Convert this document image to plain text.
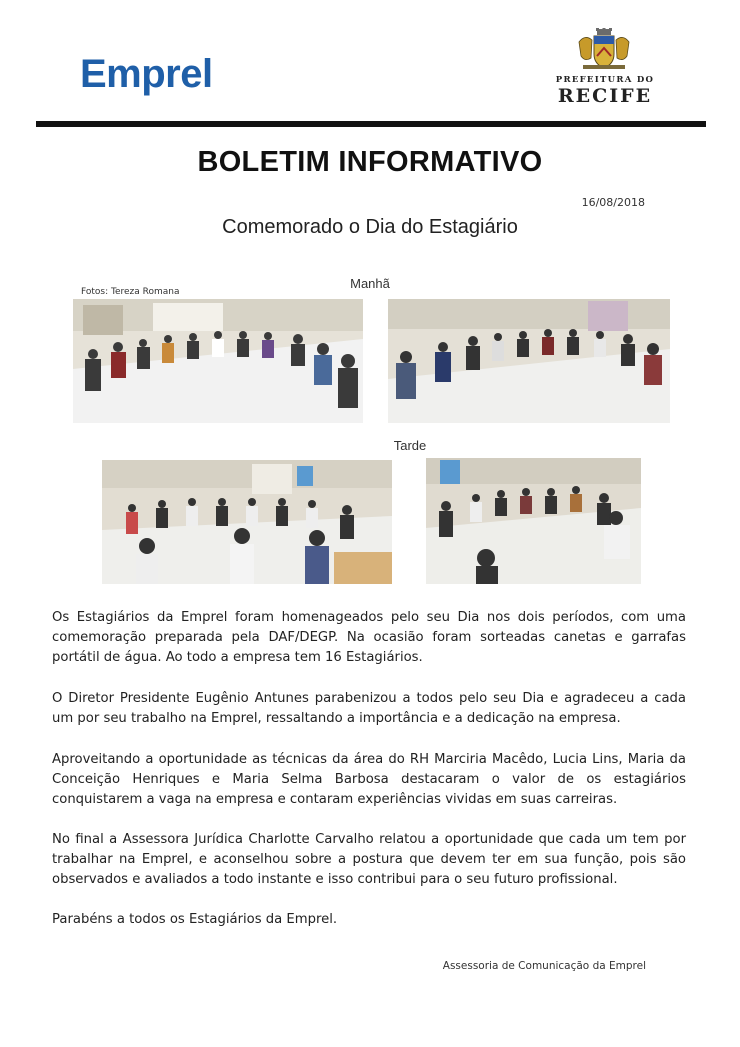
Emprel	PREFEITURA DO
RECIFE
BOLETIM INFORMATIVO
16/08/2018
Comemorado o Dia do Estagiário
Manhã
Fotos: Tereza Romana
Tarde
Os Estagiários da Emprel foram homenageados pelo seu Dia nos dois períodos, com uma comemoração preparada pela DAF/DEGP. Na ocasião foram sorteadas canetas e garrafas portátil de água. Ao todo a empresa tem 16 Estagiários.
O Diretor Presidente Eugênio Antunes parabenizou a todos pelo seu Dia e agradeceu a cada um por seu trabalho na Emprel, ressaltando a importância e a dedicação na empresa.
Aproveitando a oportunidade as técnicas da área do RH Marciria Macêdo, Lucia Lins, Maria da Conceição Henriques e Maria Selma Barbosa destacaram o valor de os estagiários conquistarem a vaga na empresa e contaram experiências vividas em suas carreiras.
No final a Assessora Jurídica Charlotte Carvalho relatou a oportunidade que cada um tem por trabalhar na Emprel, e aconselhou sobre a postura que devem ter em sua função, pois são observados e avaliados a todo instante e isso contribui para o seu futuro profissional.
Parabéns a todos os Estagiários da Emprel.
Assessoria de Comunicação da Emprel
